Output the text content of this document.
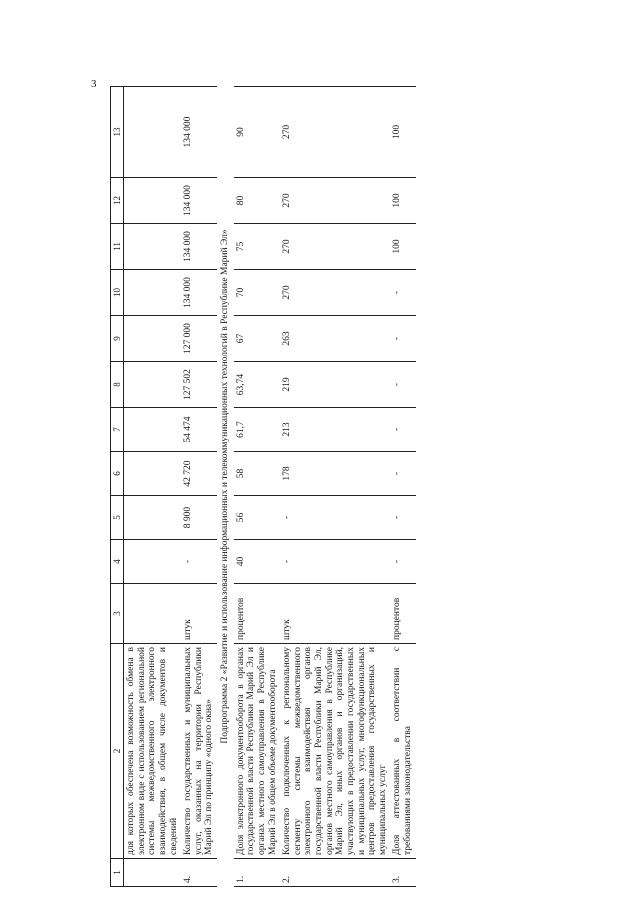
3
1	2	3	4	5	6	7	8	9	10	11	12	13
	для которых обеспечена возможность обмена в электронном виде с использованием региональной системы межведомственного электронного взаимодействия, в общем числе документов и сведений											
4.	Количество государственных и муниципальных услуг, оказанных на территории Республики Марий Эл по принципу «одного окна»	штук	-	8 900	42 720	54 474	127 502	127 000	134 000	134 000	134 000	134 000
Подпрограмма 2 «Развитие и использование информационных и телекоммуникационных технологий в Республике Марий Эл»												
1.	Доля электронного документооборота в органах государственной власти Республики Марий Эл и органах местного самоуправления в Республике Марий Эл в общем объеме документооборота	процентов	40	56	58	61,7	63,74	67	70	75	80	90
2.	Количество подключенных к региональному сегменту системы межведомственного электронного взаимодействия органов государственной власти Республики Марий Эл, органов местного самоуправления в Республике Марий Эл, иных органов и организаций, участвующих в предоставлении государственных и муниципальных услуг, многофункциональных центров предоставления государственных и муниципальных услуг	штук	-	-	178	213	219	263	270	270	270	270
3.	Доля аттестованных в соответствии с требованиями законодательства	процентов	-	-	-	-	-	-	-	100	100	100
